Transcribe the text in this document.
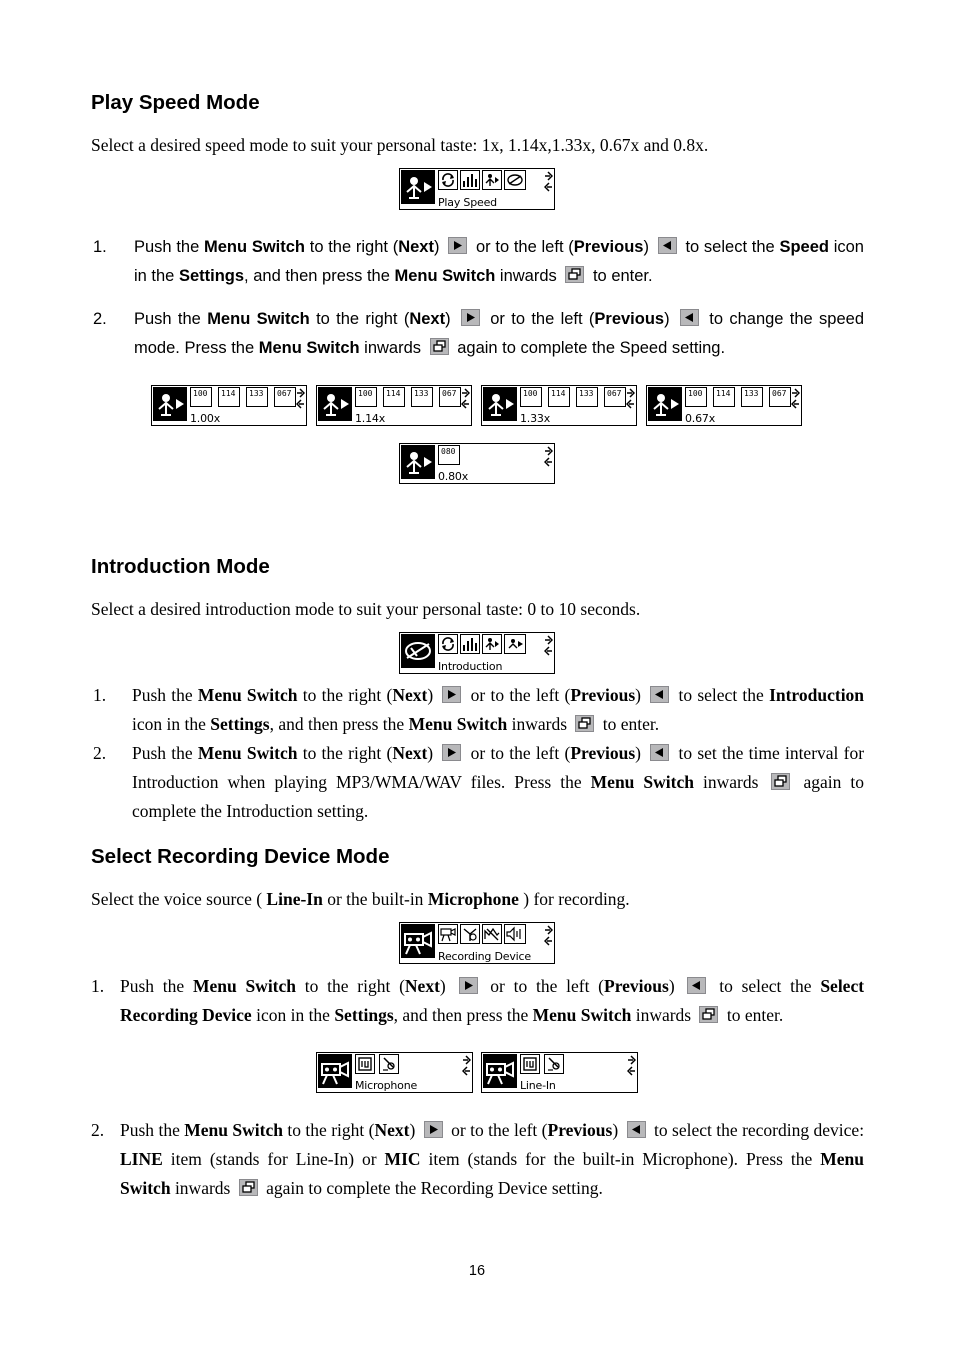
Play Speed Mode
Select a desired speed mode to suit your personal taste: 1x, 1.14x,1.33x, 0.67x and 0.8x.
Play Speed
1. Push the Menu Switch to the right (Next) or to the left (Previous) to select the Speed icon in the Settings, and then press the Menu Switch inwards to enter.
2. Push the Menu Switch to the right (Next) or to the left (Previous) to change the speed mode. Press the Menu Switch inwards again to complete the Speed setting.
100	114	133	067
1.00x
100	114	133	067
1.14x
100	114	133	067
1.33x
100	114	133	067
0.67x
080
0.80x
Introduction Mode
Select a desired introduction mode to suit your personal taste: 0 to 10 seconds.
Introduction
1. Push the Menu Switch to the right (Next) or to the left (Previous) to select the Introduction icon in the Settings, and then press the Menu Switch inwards to enter.
2. Push the Menu Switch to the right (Next) or to the left (Previous) to set the time interval for Introduction when playing MP3/WMA/WAV files. Press the Menu Switch inwards	again to complete the Introduction setting.
Select Recording Device Mode
Select the voice source ( Line-In or the built-in Microphone ) for recording.
Recording Device
1. Push the Menu Switch to the right (Next)	or to the left (Previous)	to select the Select Recording Device icon in the Settings, and then press the Menu Switch inwards to enter.
Microphone	Line-In
2. Push the Menu Switch to the right (Next) or to the left (Previous) to select the recording device: LINE item (stands for Line-In) or MIC item (stands for the built-in Microphone). Press the Menu Switch inwards again to complete the Recording Device setting.
16
